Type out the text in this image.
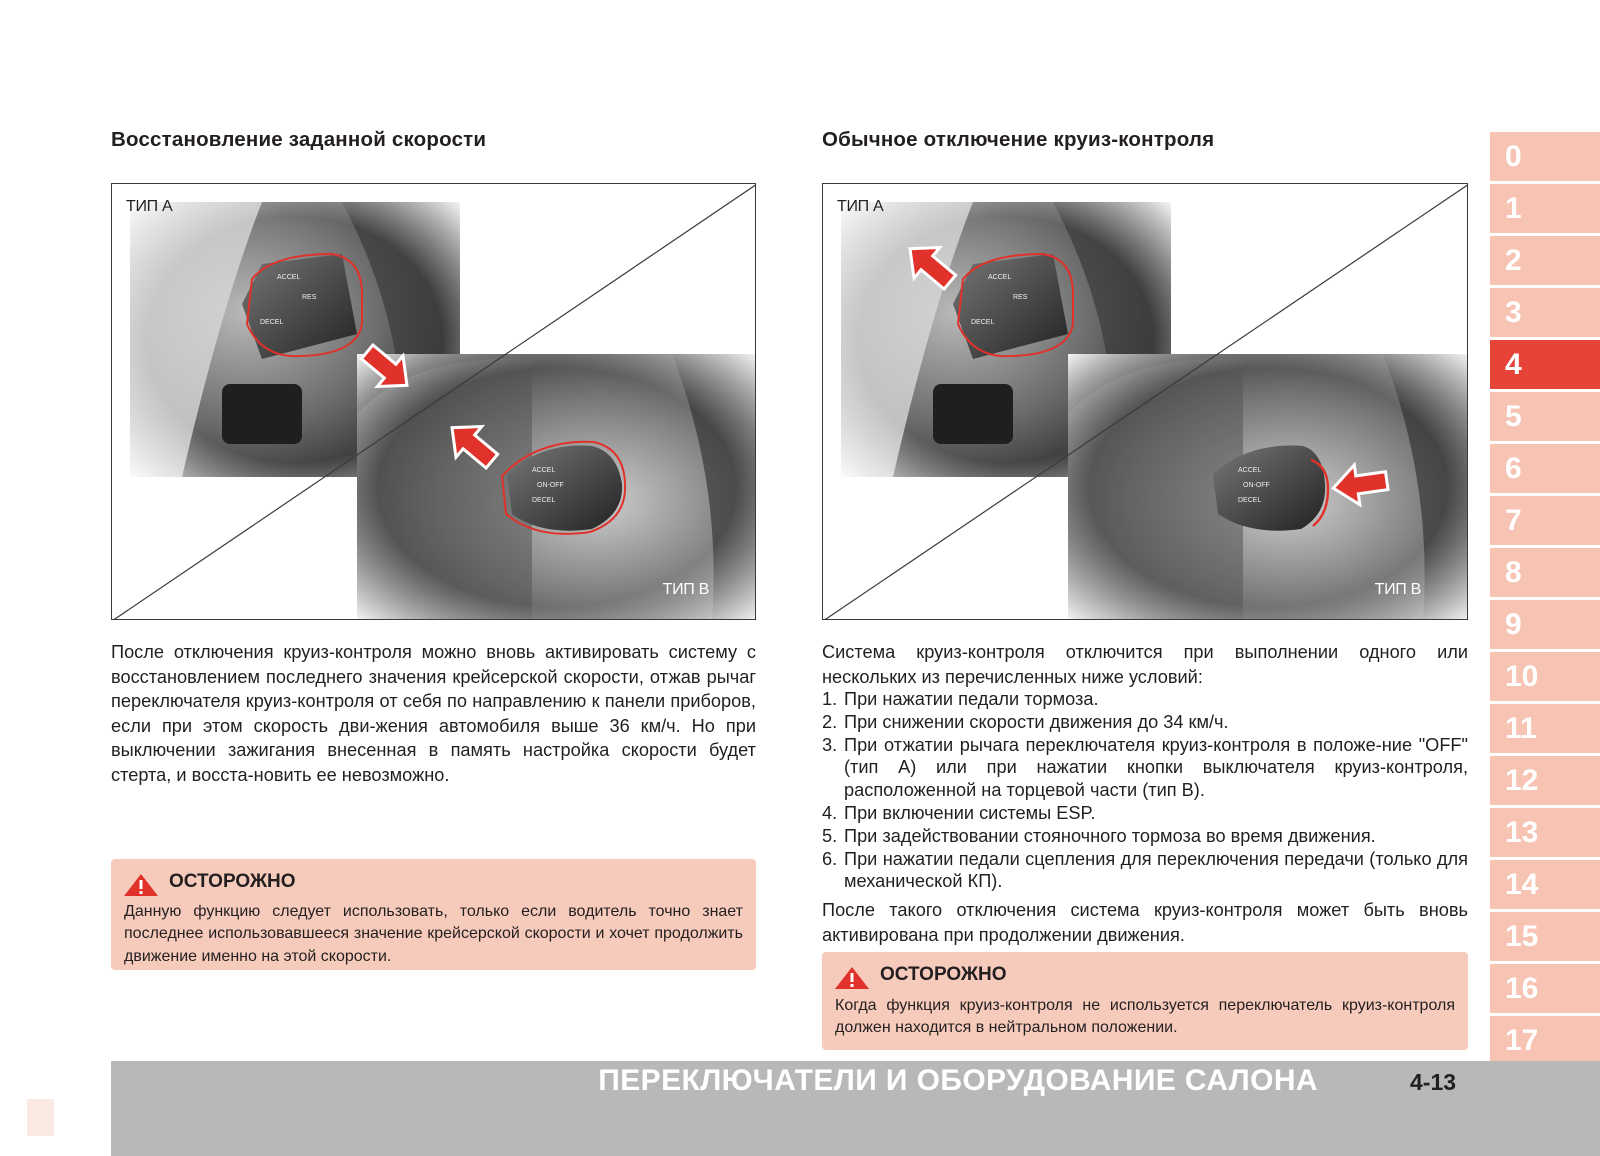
Восстановление заданной скорости
ТИП A
ТИП B
После отключения круиз-контроля можно вновь активировать систему с восстановлением последнего значения крейсерской скорости, отжав рычаг переключателя круиз-контроля от себя по направлению к панели приборов, если при этом скорость дви-жения автомобиля выше 36 км/ч. Но при выключении зажигания внесенная в память настройка скорости будет стерта, и восста-новить ее невозможно.
ОСТОРОЖНО
Данную функцию следует использовать, только если водитель точно знает последнее использовавшееся значение крейсерской скорости и хочет продолжить движение именно на этой скорости.
Обычное отключение круиз-контроля
ТИП A
ТИП B
Система круиз-контроля отключится при выполнении одного или нескольких из перечисленных ниже условий:
1. При нажатии педали тормоза.
2. При снижении скорости движения до 34 км/ч.
3. При отжатии рычага переключателя круиз-контроля в положе-ние "OFF" (тип A) или при нажатии кнопки выключателя круиз-контроля, расположенной на торцевой части (тип B).
4. При включении системы ESP.
5. При задействовании стояночного тормоза во время движения.
6. При нажатии педали сцепления для переключения передачи (только для механической КП).
После такого отключения система круиз-контроля может быть вновь активирована при продолжении движения.
ОСТОРОЖНО
Когда функция круиз-контроля не используется переключатель круиз-контроля должен находится в нейтральном положении.
0
1
2
3
4
5
6
7
8
9
10
11
12
13
14
15
16
17
ПЕРЕКЛЮЧАТЕЛИ И ОБОРУДОВАНИЕ САЛОНА	4-13
